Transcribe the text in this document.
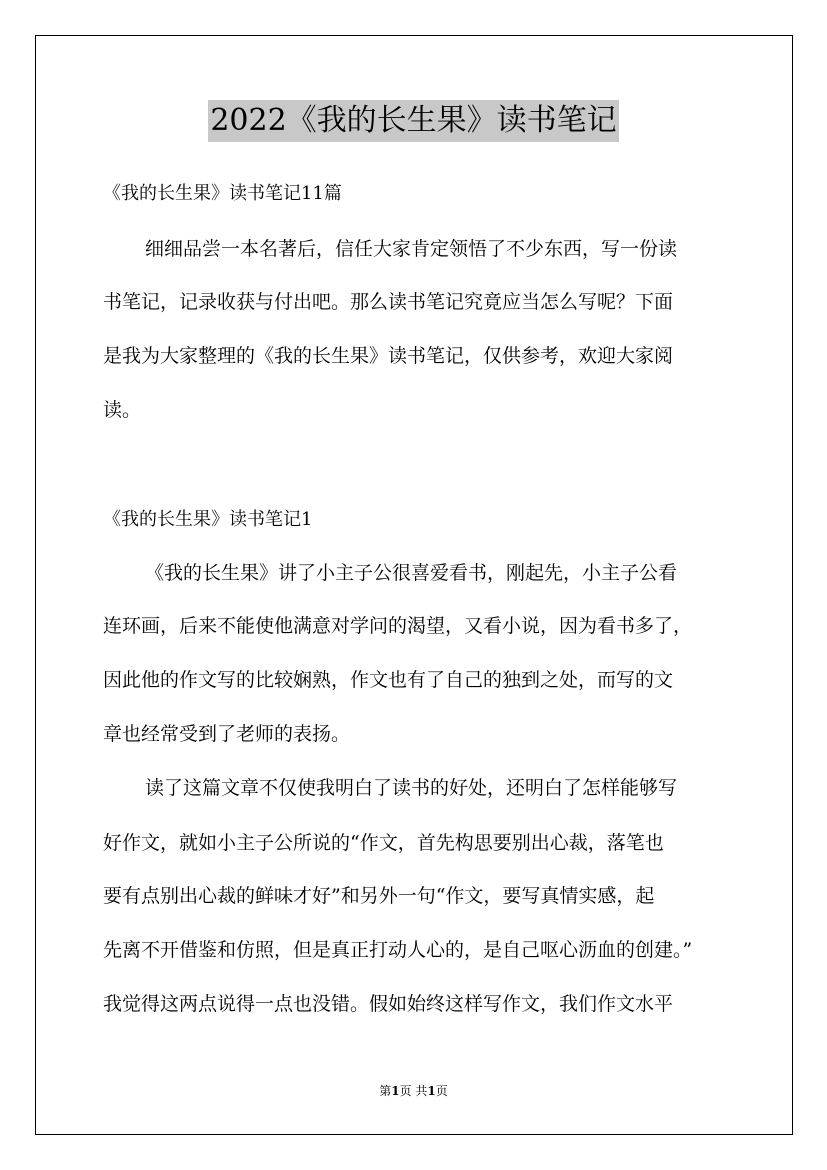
2022《我的长生果》读书笔记
《我的长生果》读书笔记11篇
细细品尝一本名著后，信任大家肯定领悟了不少东西，写一份读
书笔记，记录收获与付出吧。那么读书笔记究竟应当怎么写呢？下面
是我为大家整理的《我的长生果》读书笔记，仅供参考，欢迎大家阅
读。
《我的长生果》读书笔记1
《我的长生果》讲了小主子公很喜爱看书，刚起先，小主子公看
连环画，后来不能使他满意对学问的渴望，又看小说，因为看书多了，
因此他的作文写的比较娴熟，作文也有了自己的独到之处，而写的文
章也经常受到了老师的表扬。
读了这篇文章不仅使我明白了读书的好处，还明白了怎样能够写
好作文，就如小主子公所说的“作文，首先构思要别出心裁，落笔也
要有点别出心裁的鲜味才好”和另外一句“作文，要写真情实感，起
先离不开借鉴和仿照，但是真正打动人心的，是自己呕心沥血的创建。”
我觉得这两点说得一点也没错。假如始终这样写作文，我们作文水平
第1页 共1页
